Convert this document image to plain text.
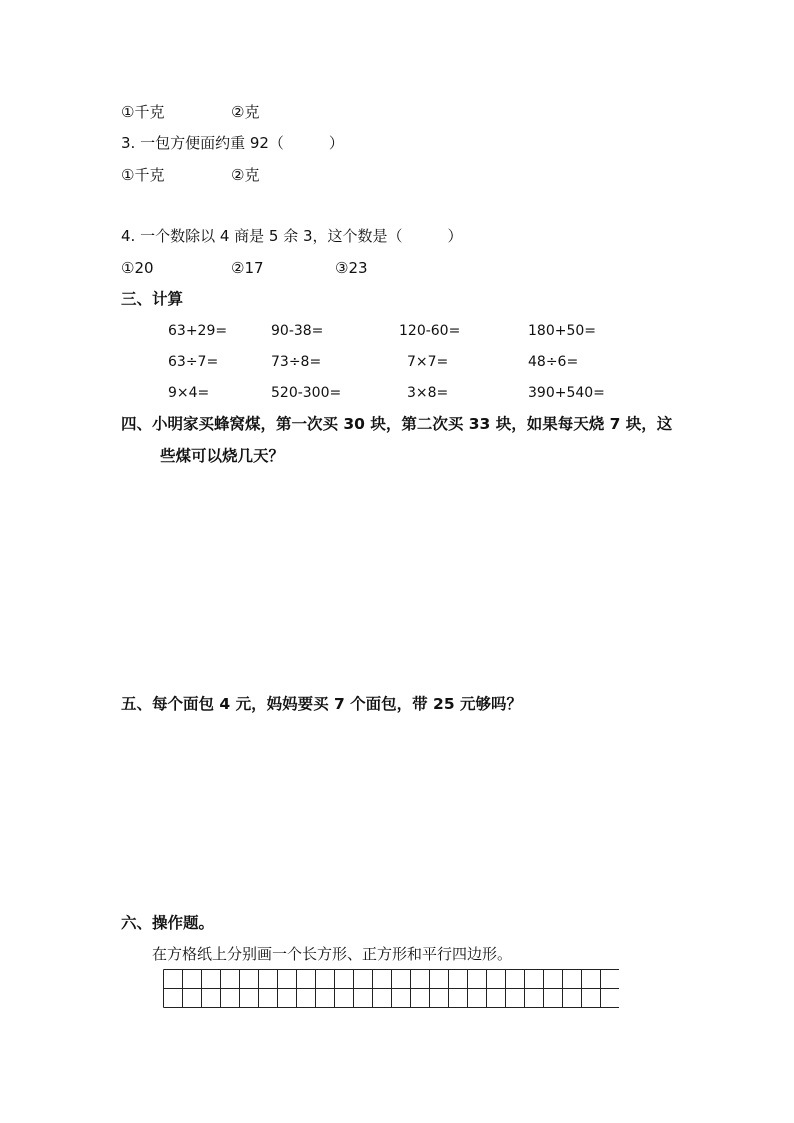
①千克	②克
3. 一包方便面约重 92（　　　）
①千克	②克
4. 一个数除以 4 商是 5 余 3，这个数是（　　　）
①20	②17	③23
三、计算
63+29=	90-38=	120-60=	180+50=
63÷7=	73÷8=	7×7=	48÷6=
9×4=	520-300=	3×8=	390+540=
四、小明家买蜂窝煤，第一次买 30 块，第二次买 33 块，如果每天烧 7 块，这
些煤可以烧几天？
五、每个面包 4 元，妈妈要买 7 个面包，带 25 元够吗？
六、操作题。
在方格纸上分别画一个长方形、正方形和平行四边形。
